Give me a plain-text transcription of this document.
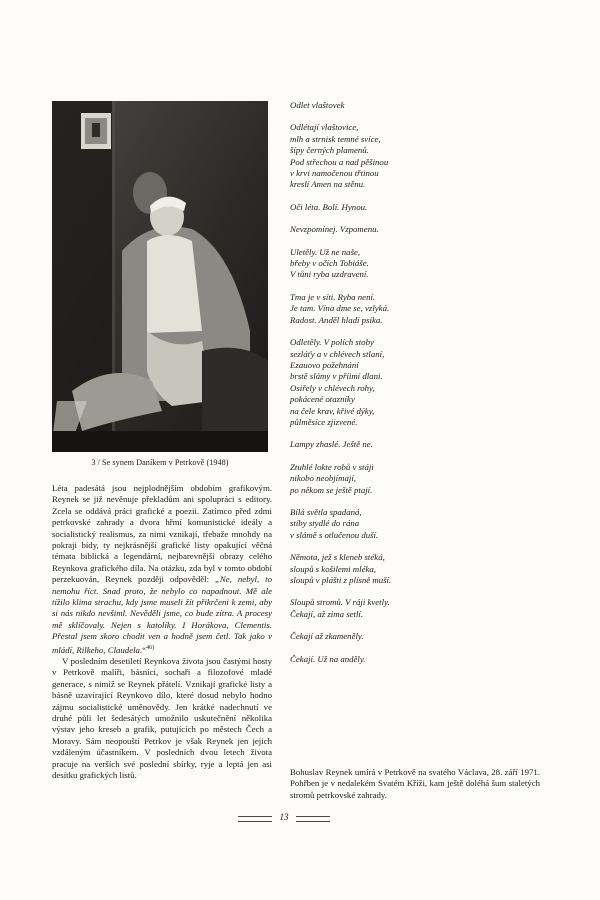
3 / Se synem Daníkem v Petrkově (1948)

Léta padesátá jsou nejplodnějším obdobím grafikovým. Reynek se již nevěnuje překladům ani spolupráci s editory. Zcela se oddává práci grafické a poezii. Zatímco před zdmi petrkovské zahrady a dvora hřmí komunistické ideály a socialistický realismus, za nimi vznikají, třebaže mnohdy na pokraji bídy, ty nejkrásnější grafické listy opakující věčná témata biblická a legendární, nejbarevnější obrazy celého Reynkova grafického díla. Na otázku, zda byl v tomto období perzekuován, Reynek později odpověděl: „Ne, nebyl, to nemohu říct. Snad proto, že nebylo co napadnout. Mě ale tížilo klima strachu, kdy jsme museli žít přikrčeni k zemi, aby si nás nikdo nevšiml. Nevěděli jsme, co bude zítra. A procesy mě sklíčovaly. Nejen s katolíky. I Horákova, Clementis. Přestal jsem skoro chodit ven a hodně jsem četl. Tak jako v mládí, Rilkeho, Claudela.“$^{46)}$

V posledním desetiletí Reynkova života jsou častými hosty v Petrkově malíři, básníci, sochaři a filozofové mladé generace, s nimiž se Reynek přátelí. Vznikají grafické listy a básně uzavírající Reynkovo dílo, které dosud nebylo hodno zájmu socialistické uměnovědy. Jen krátké nadechnutí ve druhé půli let šedesátých umožnilo uskutečnění několika výstav jeho kreseb a grafik, putujících po městech Čech a Moravy. Sám neopouští Petrkov je však Reynek jen jejich vzdáleným účastníkem. V posledních dvou letech života pracuje na verších své poslední sbírky, ryje a leptá jen asi desítku grafických listů.

Odlet vlaštovek
Odlétají vlaštovice,
mlh a strnisk temné svíce,
šípy černých plamenů.
Pod střechou a nad pěšinou
v krvi namočenou třtinou
kreslí Amen na stěnu.
Oči léta. Bolí. Hynou.
Nevzpomínej. Vzpomenu.
Uletěly. Už ne naše,
břeby v očích Tobiáše.
V tůni ryba uzdravení.
Tma je v síti. Ryba není.
Je tam. Vína dme se, vzlyká.
Radost. Anděl hladí psíka.
Odletěly. V polích stoby
sezláťy a v chlévech stlaní,
Ezauovo požehnání
brstě slámy v příimí dlani.
Osiřely v chlévech rohy,
pokácené otazníky
na čele krav, křivé dýky,
půlměsíce zjizvené.
Lampy zhaslé. Ještě ne.
Ztuhlé lokte robů v stáji
nikobo neobjímají,
po někom se ještě ptají.
Bílá světla spadaná,
stíby stydlé do rána
v slámě s otlučenou duší.
Němota, jež s kleneb stéká,
sloupů s košilemi mléka,
sloupů v plášti z plísně muší.
Sloupů stromů. V ráji kvetly.
Čekají, až zima setlí.
Čekají až zkameněly.
Čekají. Už na anděly.
Bohuslav Reynek umírá v Petrkově na svatého Václava, 28. září 1971. Pohřben je v nedalekém Svatém Kříži, kam ještě doléhá šum staletých stromů petrkovské zahrady.
13
